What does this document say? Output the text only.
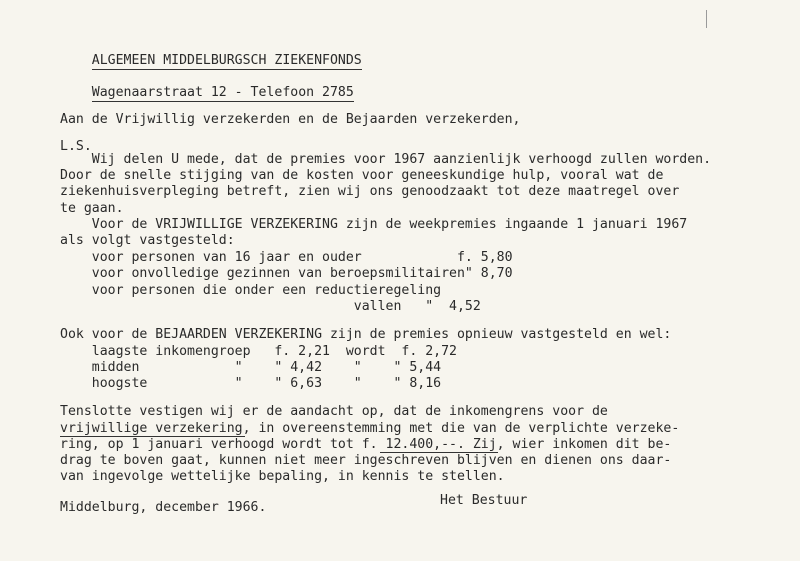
ALGEMEEN MIDDELBURGSCH ZIEKENFONDS

Wagenaarstraat 12 - Telefoon 2785

Aan de Vrijwillig verzekerden en de Bejaarden verzekerden,
L.S.
Wij delen U mede, dat de premies voor 1967 aanzienlijk verhoogd zullen worden.
Door de snelle stijging van de kosten voor geneeskundige hulp, vooral wat de
ziekenhuisverpleging betreft, zien wij ons genoodzaakt tot deze maatregel over
te gaan.
Voor de VRIJWILLIGE VERZEKERING zijn de weekpremies ingaande 1 januari 1967
als volgt vastgesteld:
voor personen van 16 jaar en ouder            f. 5,80
voor onvolledige gezinnen van beroepsmilitairen" 8,70
voor personen die onder een reductieregeling
vallen   "  4,52
Ook voor de BEJAARDEN VERZEKERING zijn de premies opnieuw vastgesteld en wel:
laagste inkomengroep   f. 2,21  wordt  f. 2,72
midden            "    " 4,42    "    " 5,44
hoogste           "    " 6,63    "    " 8,16
Tenslotte vestigen wij er de aandacht op, dat de inkomengrens voor de
vrijwillige verzekering, in overeenstemming met die van de verplichte verzeke-
ring, op 1 januari verhoogd wordt tot f. 12.400,--. Zij, wier inkomen dit be-
drag te boven gaat, kunnen niet meer ingeschreven blijven en dienen ons daar-
van ingevolge wettelijke bepaling, in kennis te stellen.
Het Bestuur
Middelburg, december 1966.
